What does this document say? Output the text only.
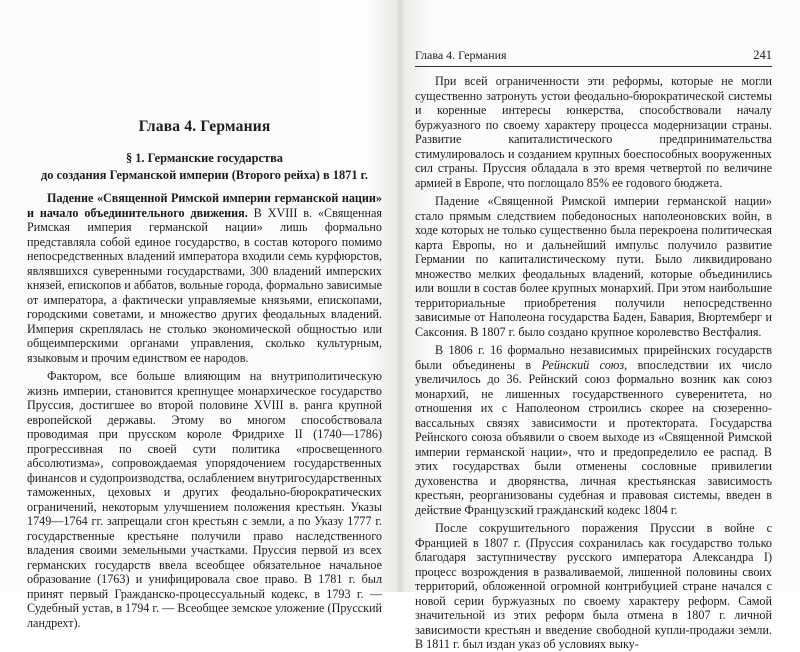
Глава 4. Германия
§ 1. Германские государства
до создания Германской империи (Второго рейха) в 1871 г.

Падение «Священной Римской империи германской нации» и начало объединительного движения. В XVIII в. «Священная Римская империя германской нации» лишь формально представляла собой единое государство, в состав которого помимо непосредственных владений императора входили семь курфюрстов, являвшихся суверенными государствами, 300 владений имперских князей, епископов и аббатов, вольные города, формально зависимые от императора, а фактически управляемые князьями, епископами, городскими советами, и множество других феодальных владений. Империя скреплялась не столько экономической общностью или общеимперскими органами управления, сколько культурным, языковым и прочим единством ее народов.

Фактором, все больше влияющим на внутриполитическую жизнь империи, становится крепнущее монархическое государство Пруссия, достигшее во второй половине XVIII в. ранга крупной европейской державы. Этому во многом способствовала проводимая при прусском короле Фридрихе II (1740—1786) прогрессивная по своей сути политика «просвещенного абсолютизма», сопровождаемая упорядочением государственных финансов и судопроизводства, ослаблением внутригосударственных таможенных, цеховых и других феодально-бюрократических ограничений, некоторым улучшением положения крестьян. Указы 1749—1764 гг. запрещали сгон крестьян с земли, а по Указу 1777 г. государственные крестьяне получили право наследственного владения своими земельными участками. Пруссия первой из всех германских государств ввела всеобщее обязательное начальное образование (1763) и унифицировала свое право. В 1781 г. был принят первый Гражданско-процессуальный кодекс, в 1793 г. — Судебный устав, в 1794 г. — Всеобщее земское уложение (Прусский ландрехт).

Глава 4. Германия	241

При всей ограниченности эти реформы, которые не могли существенно затронуть устои феодально-бюрократической системы и коренные интересы юнкерства, способствовали началу буржуазного по своему характеру процесса модернизации страны. Развитие капиталистического предпринимательства стимулировалось и созданием крупных боеспособных вооруженных сил страны. Пруссия обладала в это время четвертой по величине армией в Европе, что поглощало 85% ее годового бюджета.

Падение «Священной Римской империи германской нации» стало прямым следствием победоносных наполеоновских войн, в ходе которых не только существенно была перекроена политическая карта Европы, но и дальнейший импульс получило развитие Германии по капиталистическому пути. Было ликвидировано множество мелких феодальных владений, которые объединились или вошли в состав более крупных монархий. При этом наибольшие территориальные приобретения получили непосредственно зависимые от Наполеона государства Баден, Бавария, Вюртемберг и Саксония. В 1807 г. было создано крупное королевство Вестфалия.

В 1806 г. 16 формально независимых прирейнских государств были объединены в Рейнский союз, впоследствии их число увеличилось до 36. Рейнский союз формально возник как союз монархий, не лишенных государственного суверенитета, но отношения их с Наполеоном строились скорее на сюзеренно-вассальных связях зависимости и протектората. Государства Рейнского союза объявили о своем выходе из «Священной Римской империи германской нации», что и предопределило ее распад. В этих государствах были отменены сословные привилегии духовенства и дворянства, личная крестьянская зависимость крестьян, реорганизованы судебная и правовая системы, введен в действие Французский гражданский кодекс 1804 г.

После сокрушительного поражения Пруссии в войне с Францией в 1807 г. (Пруссия сохранилась как государство только благодаря заступничеству русского императора Александра I) процесс возрождения в разваливаемой, лишенной половины своих территорий, обложенной огромной контрибуцией стране начался с новой серии буржуазных по своему характеру реформ. Самой значительной из этих реформ была отмена в 1807 г. личной зависимости крестьян и введение свободной купли-продажи земли. В 1811 г. был издан указ об условиях выку-
